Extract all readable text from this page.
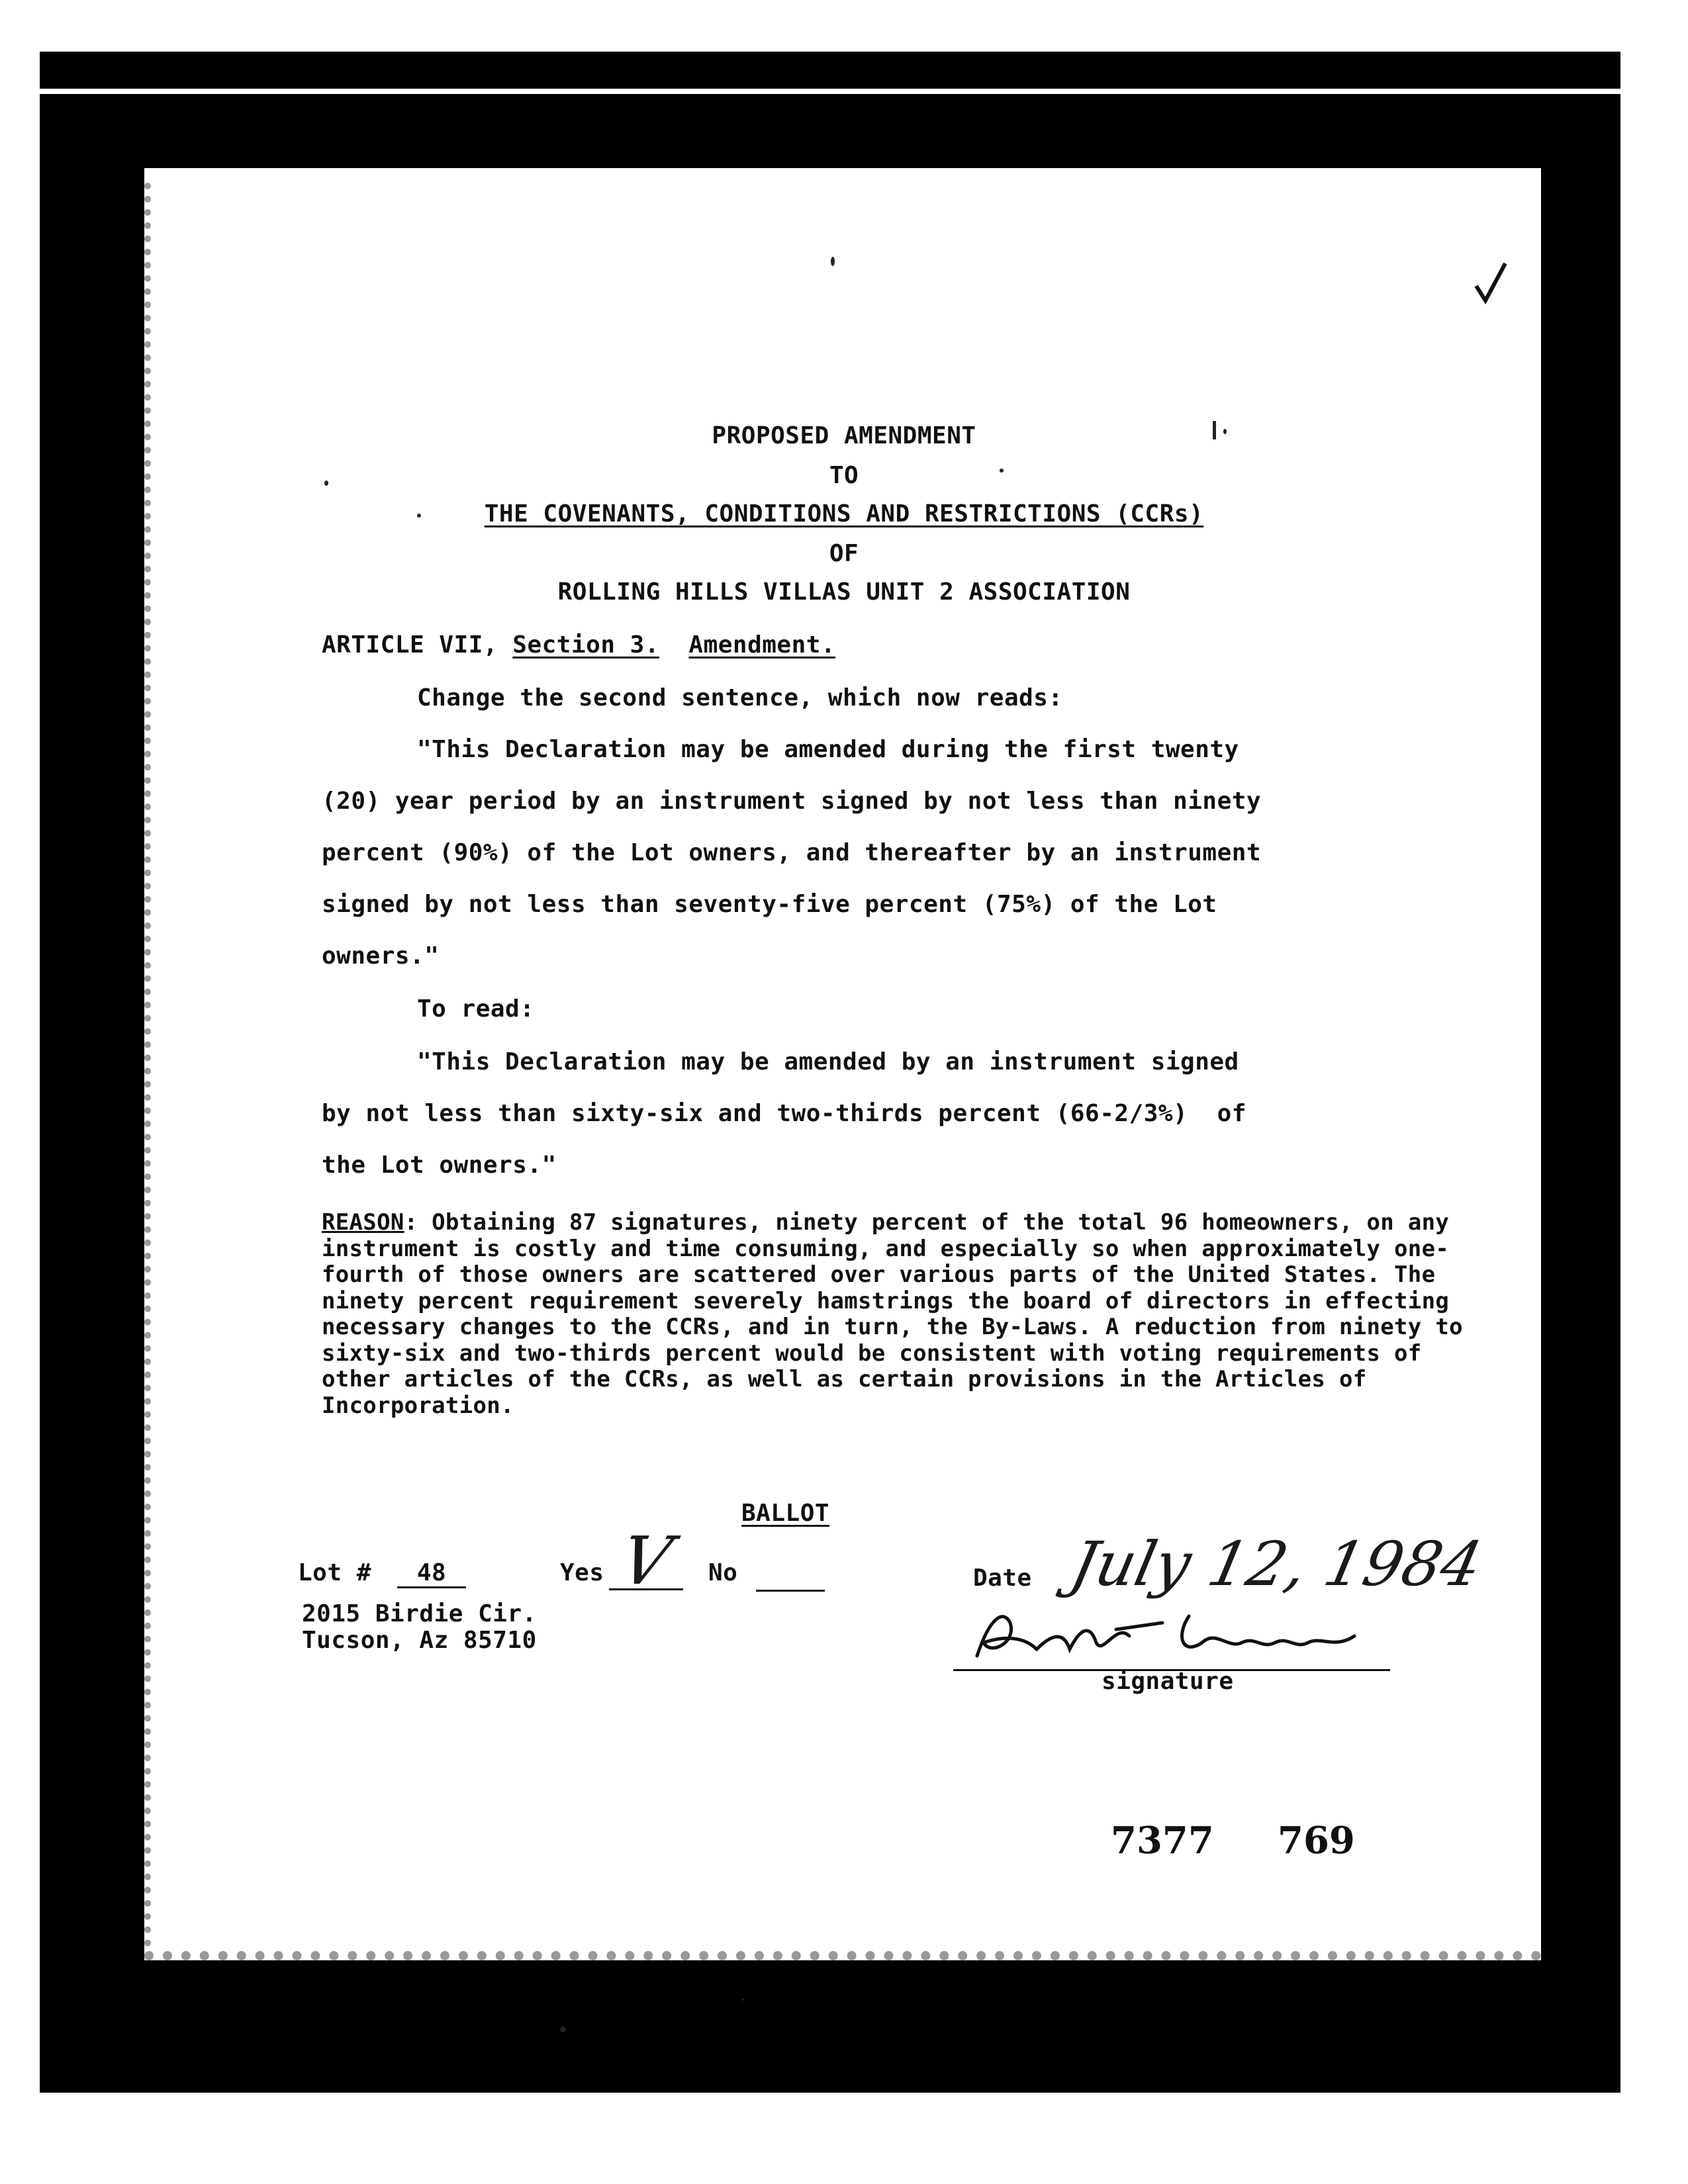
PROPOSED AMENDMENT
TO
THE COVENANTS, CONDITIONS AND RESTRICTIONS (CCRs)
OF
ROLLING HILLS VILLAS UNIT 2 ASSOCIATION
ARTICLE VII, Section 3. Amendment.
Change the second sentence, which now reads:
"This Declaration may be amended during the first twenty
(20) year period by an instrument signed by not less than ninety
percent (90%) of the Lot owners, and thereafter by an instrument
signed by not less than seventy-five percent (75%) of the Lot
owners."
To read:
"This Declaration may be amended by an instrument signed
by not less than sixty-six and two-thirds percent (66-2/3%)  of
the Lot owners."
REASON: Obtaining 87 signatures, ninety percent of the total 96 homeowners, on any instrument is costly and time consuming, and especially so when approximately one-fourth of those owners are scattered over various parts of the United States. The ninety percent requirement severely hamstrings the board of directors in effecting necessary changes to the CCRs, and in turn, the By-Laws. A reduction from ninety to sixty-six and two-thirds percent would be consistent with voting requirements of other articles of the CCRs, as well as certain provisions in the Articles of Incorporation.
BALLOT
Lot #	48	Yes V No	Date July 12, 1984
2015 Birdie Cir.
Tucson, Az 85710
signature
7377 769
